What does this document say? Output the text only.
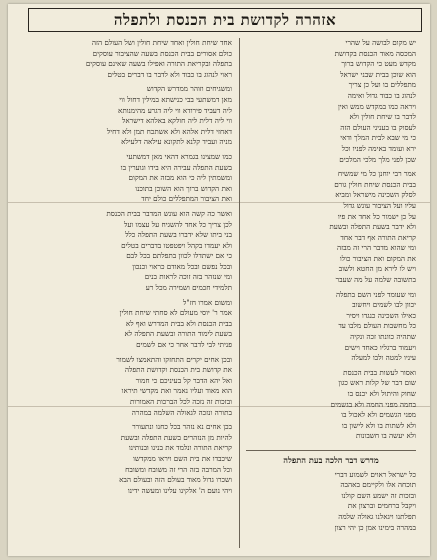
אזהרה לקדושת בית הכנסת ולתפלה
יש מקום לבושה על שהרי
המכסה מאוד הכנסת בקדושת
מקדש מעט כי הקדוש ברוך
הוא שוכן בבית שבני ישראל
מתפללים בו ועל כן צריך
לנהוג בו כבוד גדול ואימה
ויראה כמו במקדש ממש ואין
לדבר בו שיחת חולין ולא
לעסוק בו בעניני העולם הזה
כי מי שבא לבית המלך ודאי
ירא ועומד באימה לפניו וכל
שכן לפני מלך מלכי המלכים
אמר רבי יוחנן כל מי שמשיח
בבית הכנסת שיחת חולין גורם
לסלק השכינה מישראל ומביא
עליו ועל הציבור עונש גדול
על כן ישמור כל אחד את פיו
ולא ידבר בשעת התפלה ובשעת
קריאת התורה אף דבר אחד
ומי שהוא מדבר הרי זה מבזה
את המקום ואת הציבור כולו
ויש לו לירא מן החטא ולשוב
בתשובה שלמה על מה שעבר
ומי שעומד לפני השם בתפלה
יכוון לבו לשמים ויחשוב
כאילו השכינה כנגדו ויסיר
כל מחשבות העולם מלבו עד
שתהיה כוונתו זכה ונקיה
ויעמוד ברגליו כאחד וישים
עיניו למטה ולבו למעלה
ואסור לעשות בבית הכנסת
שום דבר של קלות ראש כגון
שחוק והיתול ולא יכנס בו
בחמה מפני החמה ולא בגשמים
מפני הגשמים ולא לאכול בו
ולא לשתות בו ולא לישון בו
ולא יעשה בו חשבונות
מדרש דבר הלכה בעת התפלה
כל ישראל ראוים לשמוע דברי
תוכחה אלו ולקיימם באהבה
ובזכות זה ישמע השם קולנו
ויקבל ברחמים וברצון את
תפלתנו ויגאלנו גאולה שלמה
במהרה בימינו אמן כן יהי רצון
אחד שיחת חולין ואחד שיחת חולין ושל העולם הזה
כולם אסורים בבית הכנסת בשעה שהציבור עוסקים
בתפלה ובקריאת התורה ואפילו בשעה שאינם עוסקים
ראוי לנהוג בו כבוד ולא לדבר בו דברים בטלים
ומשגיחים וזוהר ממדרש הקדוש
מאן דמשתעי בבי כנישתא במילין דחול ווי
ליה דעביד פירודא ווי ליה דגרע מהימנותא
ווי ליה דלית ליה חולקא באלהא דישראל
דאחזי דלית אלהא ולא אשתכח תמן ולא דחיל
מניה ועביד קלנא לתקונא עילאה דלעילא
כמו שמצינו בגמרא דהאי מאן דמשתעי
בשעת התפלה עבירה היא בידו וגוערין בו
ומשמתין ליה כי הוא מבזה את המקום
ואת הקדוש ברוך הוא השוכן בתוכנו
ואת הציבור המתפללים כולם יחד
ואשר כה קשה הוא עונש המדבר בבית הכנסת
לכן צריך כל אחד להשגיח על עצמו ועל
בני ביתו שלא ידברו בשעת התפלה כלל
ולא יעמדו בקהל ויפטפטו בדברים בטלים
כי אם ישתדלו לכוון בתפלתם בכל לבם
ובכל נפשם ובכל מאודם כראוי וכנכון
ומי שנזהר בזה זוכה לראות בנים
תלמידי חכמים ושמירה מכל רע
ומשום אמרו חז"ל
אמר ר' יוסי מעולם לא סחתי שיחת חולין
בבית הכנסת ולא בבית המדרש ואף לא
בשעת לימוד התורה ובשעת התפלה לא
פניתי לבי לדבר אחר כי אם לשמים
ובכן אחים יקרים התחזקו והתאמצו לשמור
את קדושת בית הכנסת וקדושת התפלה
ואל יהא הדבר קל בעיניכם כי חמור
הוא מאוד ועליו נאמר ואת מקדשי תיראו
ובזכות זה נזכה לכל הברכות האמורות
בתורה ונזכה לגאולה השלמה במהרה
בכן אחים נא נזהר בכל כחנו ונתעורר
להיות מן הנזהרים בשעת התפלה ובשעת
קריאת התורה ונלמד את בנינו ובנותינו
שיכבדו את בית השם ויראו ממקדשו
וכל המרבה בזה הרי זה משובח ומשובח
ושכרו גדול מאוד בעולם הזה ובעולם הבא
ויהי נועם ה' אלקינו עלינו ומעשה ידינו
